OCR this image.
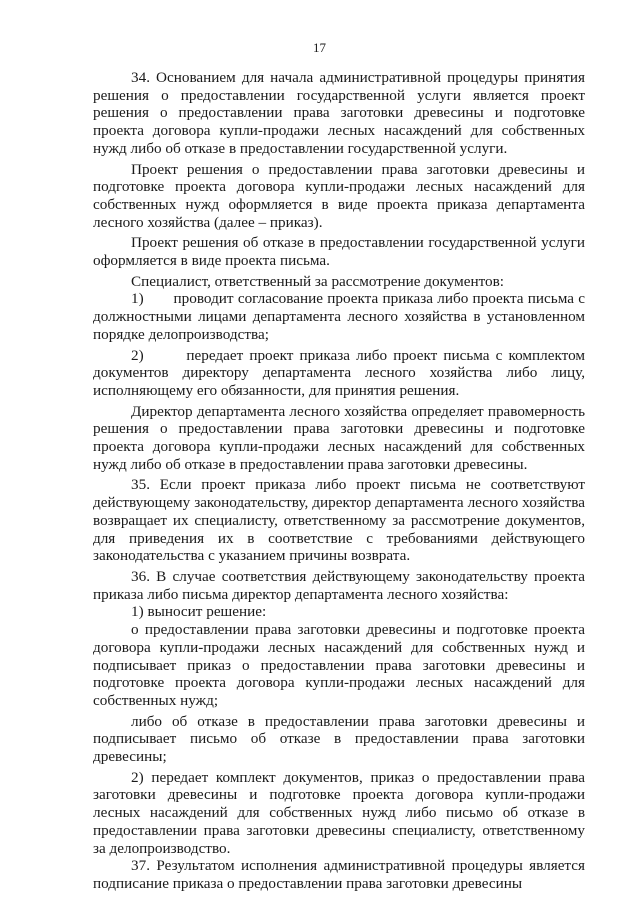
17

34. Основанием для начала административной процедуры принятия решения о предоставлении государственной услуги является проект решения о предоставлении права заготовки древесины и подготовке проекта договора купли-продажи лесных насаждений для собственных нужд либо об отказе в предоставлении государственной услуги.

Проект решения о предоставлении права заготовки древесины и подготовке проекта договора купли-продажи лесных насаждений для собственных нужд оформляется в виде проекта приказа департамента лесного хозяйства (далее – приказ).

Проект решения об отказе в предоставлении государственной услуги оформляется в виде проекта письма.

Специалист, ответственный за рассмотрение документов:

1)       проводит согласование проекта приказа либо проекта письма с должностными лицами департамента лесного хозяйства в установленном порядке делопроизводства;

2)       передает проект приказа либо проект письма с комплектом документов директору департамента лесного хозяйства либо лицу, исполняющему его обязанности, для принятия решения.

Директор департамента лесного хозяйства определяет правомерность решения о предоставлении права заготовки древесины и подготовке проекта договора купли-продажи лесных насаждений для собственных нужд либо об отказе в предоставлении права заготовки древесины.

35. Если проект приказа либо проект письма не соответствуют действующему законодательству, директор департамента лесного хозяйства возвращает их специалисту, ответственному за рассмотрение документов, для приведения их в соответствие с требованиями действующего законодательства с указанием причины возврата.

36. В случае соответствия действующему законодательству проекта приказа либо письма директор департамента лесного хозяйства:

1) выносит решение:

о предоставлении права заготовки древесины и подготовке проекта договора купли-продажи лесных насаждений для собственных нужд и подписывает приказ о предоставлении права заготовки древесины и подготовке проекта договора купли-продажи лесных насаждений для собственных нужд;

либо об отказе в предоставлении права заготовки древесины и подписывает письмо об отказе в предоставлении права заготовки древесины;

2) передает комплект документов, приказ о предоставлении права заготовки древесины и подготовке проекта договора купли-продажи лесных насаждений для собственных нужд либо письмо об отказе в предоставлении права заготовки древесины специалисту, ответственному за делопроизводство.

37. Результатом исполнения административной процедуры является подписание приказа о предоставлении права заготовки древесины
